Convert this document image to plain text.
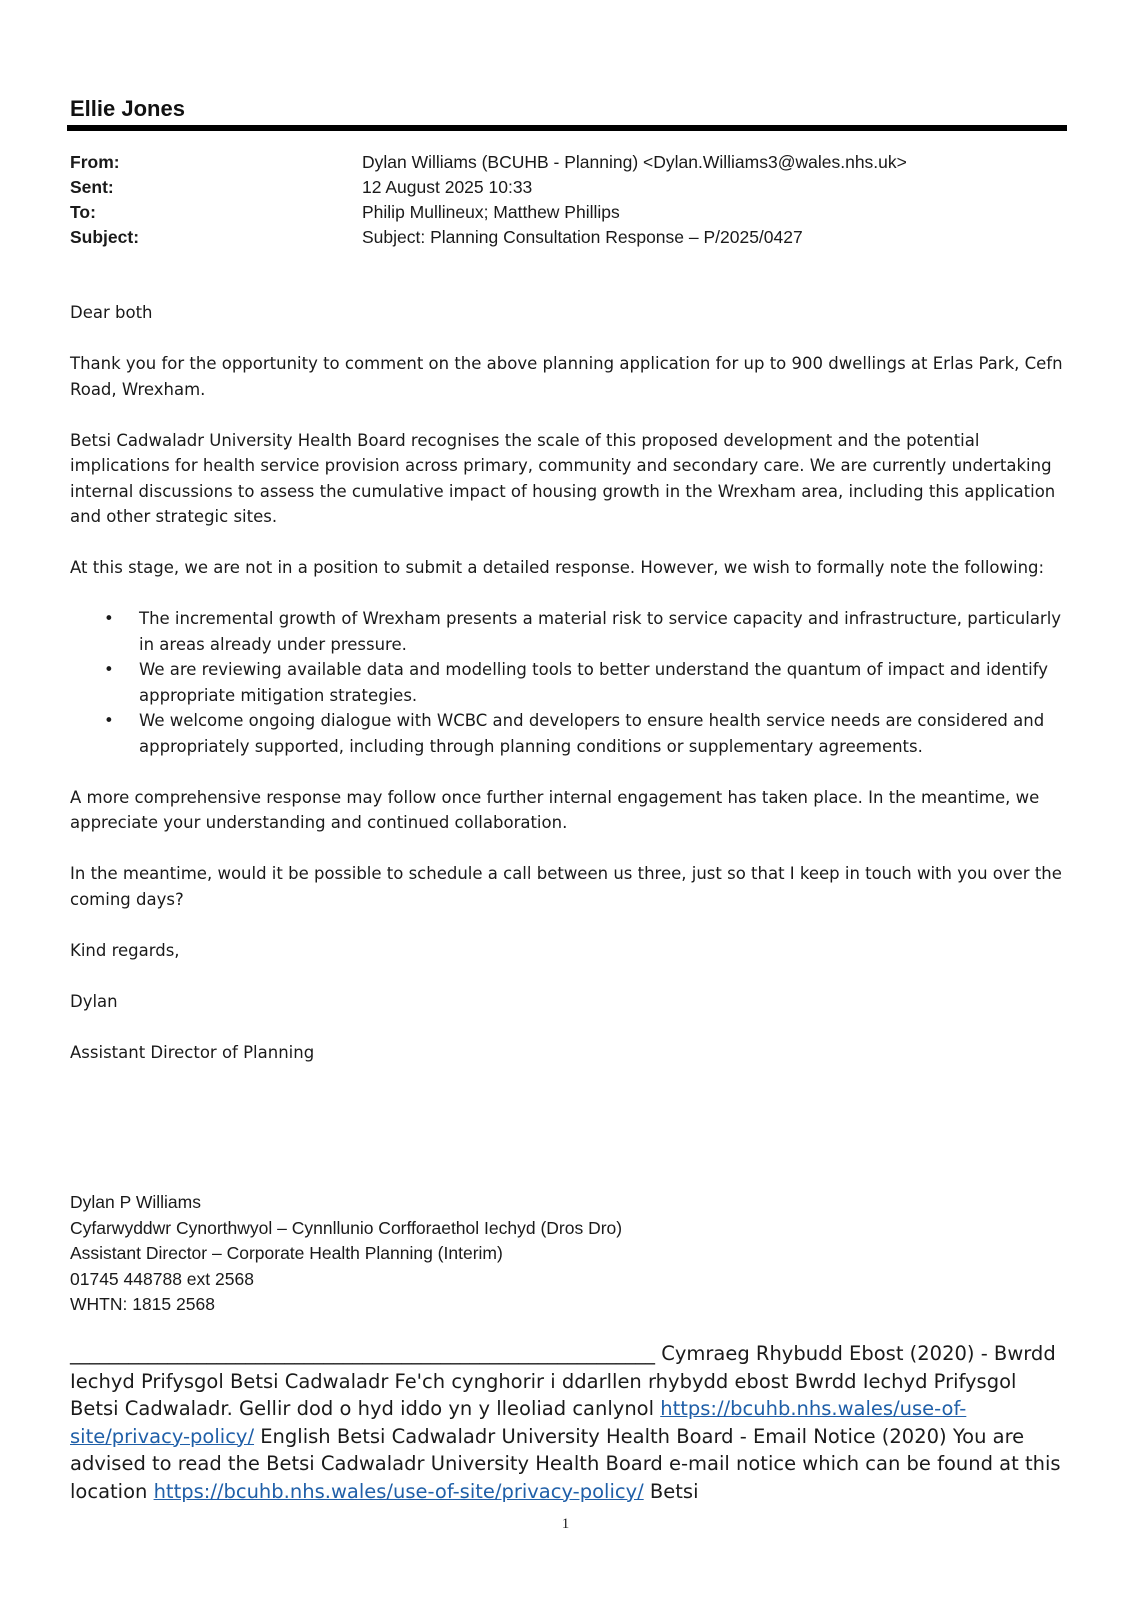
Ellie Jones
From:	Dylan Williams (BCUHB - Planning) <Dylan.Williams3@wales.nhs.uk>
Sent:	12 August 2025 10:33
To:	Philip Mullineux; Matthew Phillips
Subject:	Subject: Planning Consultation Response – P/2025/0427

Dear both

Thank you for the opportunity to comment on the above planning application for up to 900 dwellings at Erlas Park, Cefn Road, Wrexham.

Betsi Cadwaladr University Health Board recognises the scale of this proposed development and the potential implications for health service provision across primary, community and secondary care. We are currently undertaking internal discussions to assess the cumulative impact of housing growth in the Wrexham area, including this application and other strategic sites.

At this stage, we are not in a position to submit a detailed response. However, we wish to formally note the following:

• The incremental growth of Wrexham presents a material risk to service capacity and infrastructure, particularly in areas already under pressure.
• We are reviewing available data and modelling tools to better understand the quantum of impact and identify appropriate mitigation strategies.
• We welcome ongoing dialogue with WCBC and developers to ensure health service needs are considered and appropriately supported, including through planning conditions or supplementary agreements.

A more comprehensive response may follow once further internal engagement has taken place. In the meantime, we appreciate your understanding and continued collaboration.

In the meantime, would it be possible to schedule a call between us three, just so that I keep in touch with you over the coming days?

Kind regards,

Dylan

Assistant Director of Planning

Dylan P Williams
Cyfarwyddwr Cynorthwyol – Cynnllunio Corfforaethol Iechyd (Dros Dro)
Assistant Director – Corporate Health Planning (Interim)
01745 448788 ext 2568
WHTN: 1815 2568
____________________________________________________________ Cymraeg Rhybudd Ebost (2020) - Bwrdd Iechyd Prifysgol Betsi Cadwaladr Fe'ch cynghorir i ddarllen rhybydd ebost Bwrdd Iechyd Prifysgol Betsi Cadwaladr. Gellir dod o hyd iddo yn y lleoliad canlynol https://bcuhb.nhs.wales/use-of-site/privacy-policy/ English Betsi Cadwaladr University Health Board - Email Notice (2020) You are advised to read the Betsi Cadwaladr University Health Board e-mail notice which can be found at this location https://bcuhb.nhs.wales/use-of-site/privacy-policy/ Betsi
1
